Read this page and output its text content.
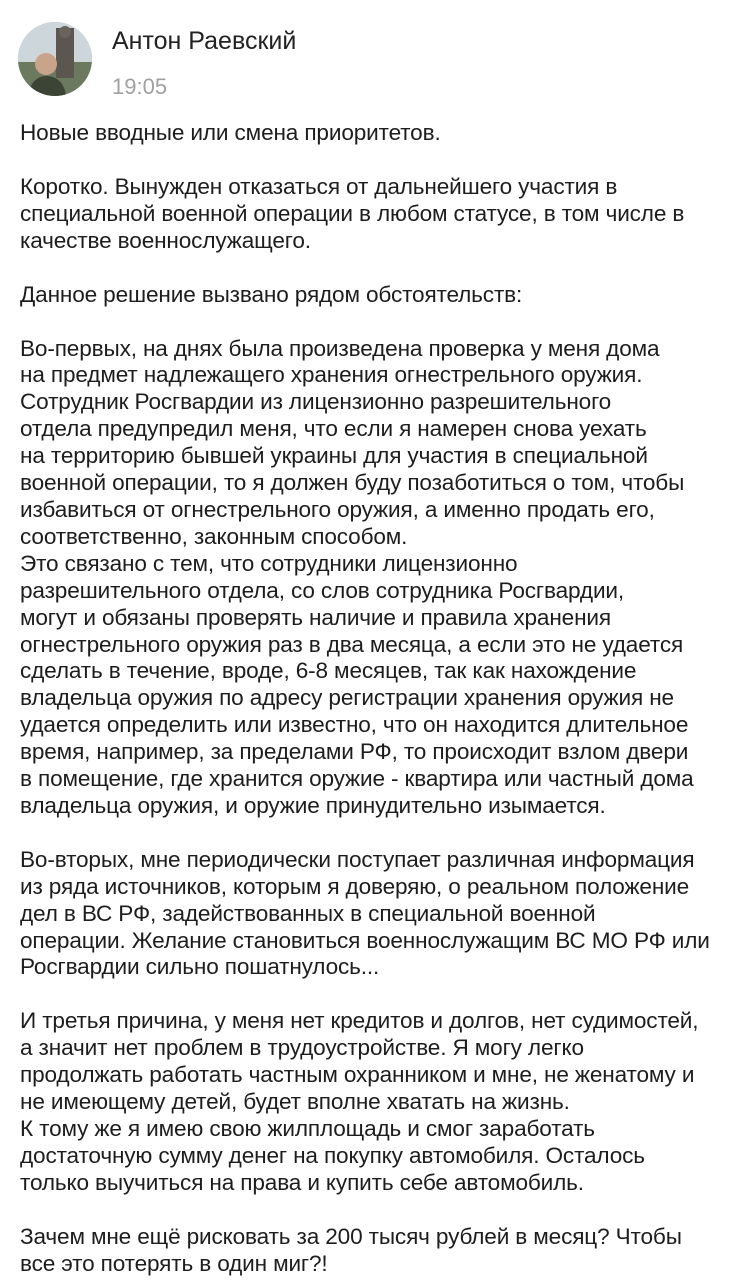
Антон Раевский
19:05

Новые вводные или смена приоритетов.

Коротко. Вынужден отказаться от дальнейшего участия в
специальной военной операции в любом статусе, в том числе в
качестве военнослужащего.

Данное решение вызвано рядом обстоятельств:

Во-первых, на днях была произведена проверка у меня дома
на предмет надлежащего хранения огнестрельного оружия.
Сотрудник Росгвардии из лицензионно разрешительного
отдела предупредил меня, что если я намерен снова уехать
на территорию бывшей украины для участия в специальной
военной операции, то я должен буду позаботиться о том, чтобы
избавиться от огнестрельного оружия, а именно продать его,
соответственно, законным способом.
Это связано с тем, что сотрудники лицензионно
разрешительного отдела, со слов сотрудника Росгвардии,
могут и обязаны проверять наличие и правила хранения
огнестрельного оружия раз в два месяца, а если это не удается
сделать в течение, вроде, 6-8 месяцев, так как нахождение
владельца оружия по адресу регистрации хранения оружия не
удается определить или известно, что он находится длительное
время, например, за пределами РФ, то происходит взлом двери
в помещение, где хранится оружие - квартира или частный дома
владельца оружия, и оружие принудительно изымается.

Во-вторых, мне периодически поступает различная информация
из ряда источников, которым я доверяю, о реальном положение
дел в ВС РФ, задействованных в специальной военной
операции. Желание становиться военнослужащим ВС МО РФ или
Росгвардии сильно пошатнулось...

И третья причина, у меня нет кредитов и долгов, нет судимостей,
а значит нет проблем в трудоустройстве. Я могу легко
продолжать работать частным охранником и мне, не женатому и
не имеющему детей, будет вполне хватать на жизнь.
К тому же я имею свою жилплощадь и смог заработать
достаточную сумму денег на покупку автомобиля. Осталось
только выучиться на права и купить себе автомобиль.

Зачем мне ещё рисковать за 200 тысяч рублей в месяц? Чтобы
все это потерять в один миг?!
